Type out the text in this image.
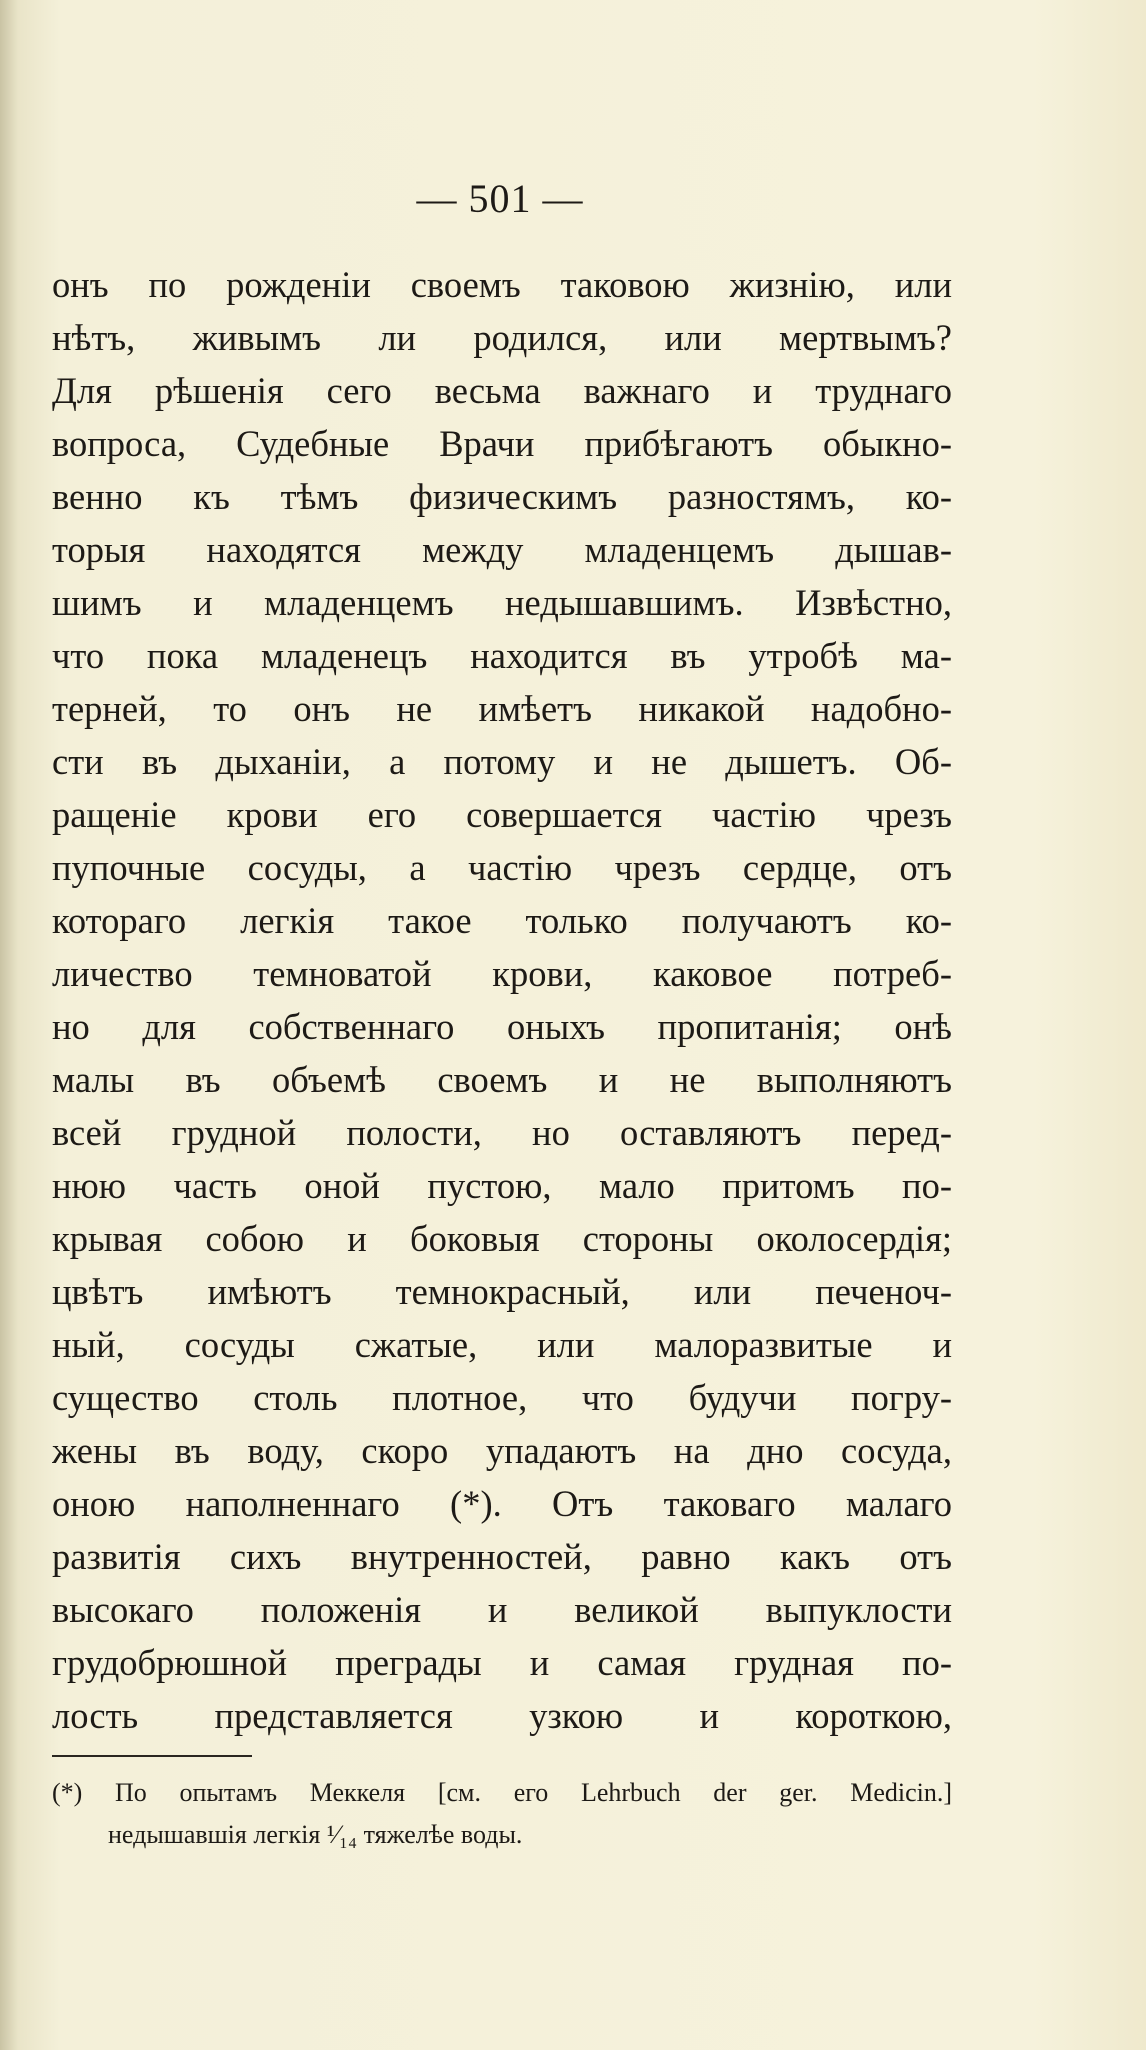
— 501 —
онъ по рожденіи своемъ таковою жизнію, или
нѣтъ, живымъ ли родился, или мертвымъ?
Для рѣшенія сего весьма важнаго и труднаго
вопроса, Судебные Врачи прибѣгаютъ обыкно-
венно къ тѣмъ физическимъ разностямъ, ко-
торыя находятся между младенцемъ дышав-
шимъ и младенцемъ недышавшимъ. Извѣстно,
что пока младенецъ находится въ утробѣ ма-
терней, то онъ не имѣетъ никакой надобно-
сти въ дыханіи, а потому и не дышетъ. Об-
ращеніе крови его совершается частію чрезъ
пупочные сосуды, а частію чрезъ сердце, отъ
котораго легкія такое только получаютъ ко-
личество темноватой крови, каковое потреб-
но для собственнаго оныхъ пропитанія; онѣ
малы въ объемѣ своемъ и не выполняютъ
всей грудной полости, но оставляютъ перед-
нюю часть оной пустою, мало притомъ по-
крывая собою и боковыя стороны околосердія;
цвѣтъ имѣютъ темнокрасный, или печеноч-
ный, сосуды сжатые, или малоразвитые и
существо столь плотное, что будучи погру-
жены въ воду, скоро упадаютъ на дно сосуда,
оною наполненнаго (*). Отъ таковаго малаго
развитія сихъ внутренностей, равно какъ отъ
высокаго положенія и великой выпуклости
грудобрюшной преграды и самая грудная по-
лость представляется узкою и короткою,
(*) По опытамъ Меккеля [см. его Lehrbuch der ger. Medicin.]
недышавшія легкія ¹⁄₁₄ тяжелѣе воды.
